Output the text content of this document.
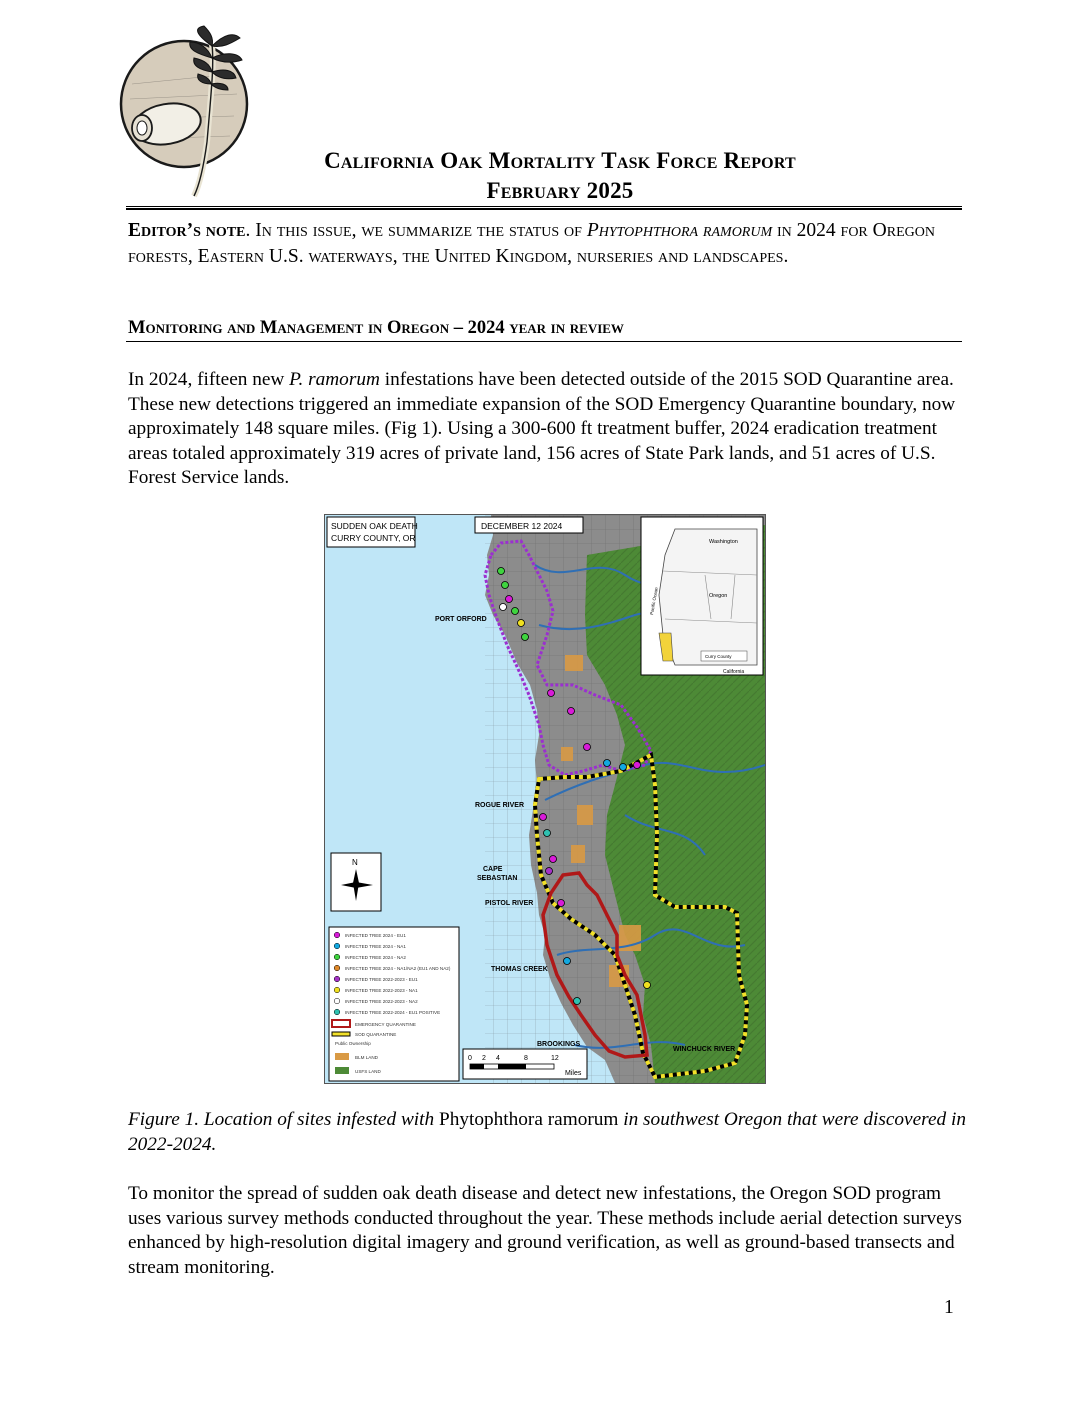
California Oak Mortality Task Force Report
February 2025
Editor’s note. In this issue, we summarize the status of Phytophthora ramorum in 2024 for Oregon forests, Eastern U.S. waterways, the United Kingdom, nurseries and landscapes.
Monitoring and Management in Oregon – 2024 year in review
In 2024, fifteen new P. ramorum infestations have been detected outside of the 2015 SOD Quarantine area. These new detections triggered an immediate expansion of the SOD Emergency Quarantine boundary, now approximately 148 square miles. (Fig 1). Using a 300-600 ft treatment buffer, 2024 eradication treatment areas totaled approximately 319 acres of private land, 156 acres of State Park lands, and 51 acres of U.S. Forest Service lands.
SUDDEN OAK DEATH
CURRY COUNTY, OR
DECEMBER 12 2024
Washington
Oregon
California
Pacific Ocean
Curry County
PORT ORFORD
ROGUE RIVER
CAPE
SEBASTIAN
PISTOL RIVER
THOMAS CREEK
BROOKINGS
WINCHUCK RIVER
N
INFECTED TREE 2024 - EU1
INFECTED TREE 2024 - NA1
INFECTED TREE 2024 - NA2
INFECTED TREE 2024 - NA1/NA2 (EU1 AND NA2)
INFECTED TREE 2022-2023 - EU1
INFECTED TREE 2022-2023 - NA1
INFECTED TREE 2022-2023 - NA2
INFECTED TREE 2022-2024 - EU1 POSITIVE
EMERGENCY QUARANTINE
SOD QUARANTINE
Public Ownership
BLM LAND
USFS LAND
0 2 4	8	12
Miles
Figure 1. Location of sites infested with Phytophthora ramorum in southwest Oregon that were discovered in 2022-2024.
To monitor the spread of sudden oak death disease and detect new infestations, the Oregon SOD program uses various survey methods conducted throughout the year. These methods include aerial detection surveys enhanced by high-resolution digital imagery and ground verification, as well as ground-based transects and stream monitoring.
1
